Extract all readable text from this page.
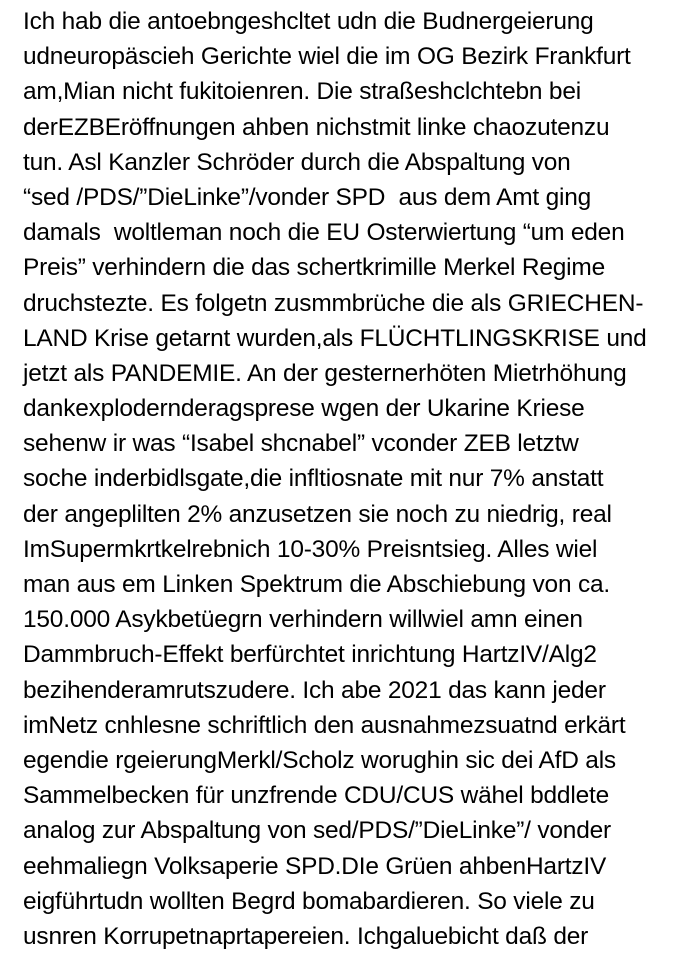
Ich hab die antoebngeshcltet udn die Budnergeierung
udneuropäscieh Gerichte wiel die im OG Bezirk Frankfurt
am,Mian nicht fukitoienren. Die straßeshclchtebn bei
derEZBEröffnungen ahben nichstmit linke chaozutenzu
tun. Asl Kanzler Schröder durch die Abspaltung von
“sed /PDS/”DieLinke”/vonder SPD  aus dem Amt ging
damals  woltleman noch die EU Osterwiertung “um eden
Preis” verhindern die das schertkrimille Merkel Regime
druchstezte. Es folgetn zusmmbrüche die als GRIECHEN-
LAND Krise getarnt wurden,als FLÜCHTLINGSKRISE und
jetzt als PANDEMIE. An der gesternerhöten Mietrhöhung
dankexplodernderagsprese wgen der Ukarine Kriese
sehenw ir was “Isabel shcnabel” vconder ZEB letztw
soche inderbidlsgate,die infltiosnate mit nur 7% anstatt
der angeplilten 2% anzusetzen sie noch zu niedrig, real
ImSupermkrtkelrebnich 10-30% Preisntsieg. Alles wiel
man aus em Linken Spektrum die Abschiebung von ca.
150.000 Asykbetüegrn verhindern willwiel amn einen
Dammbruch-Effekt berfürchtet inrichtung HartzIV/Alg2
bezihenderamrutszudere. Ich abe 2021 das kann jeder
imNetz cnhlesne schriftlich den ausnahmezsuatnd erkärt
egendie rgeierungMerkl/Scholz worughin sic dei AfD als
Sammelbecken für unzfrende CDU/CUS wähel bddlete
analog zur Abspaltung von sed/PDS/”DieLinke”/ vonder
eehmaliegn Volksaperie SPD.DIe Grüen ahbenHartzIV
eigführtudn wollten Begrd bomabardieren. So viele zu
usnren Korrupetnaprtapereien. Ichgaluebicht daß der
